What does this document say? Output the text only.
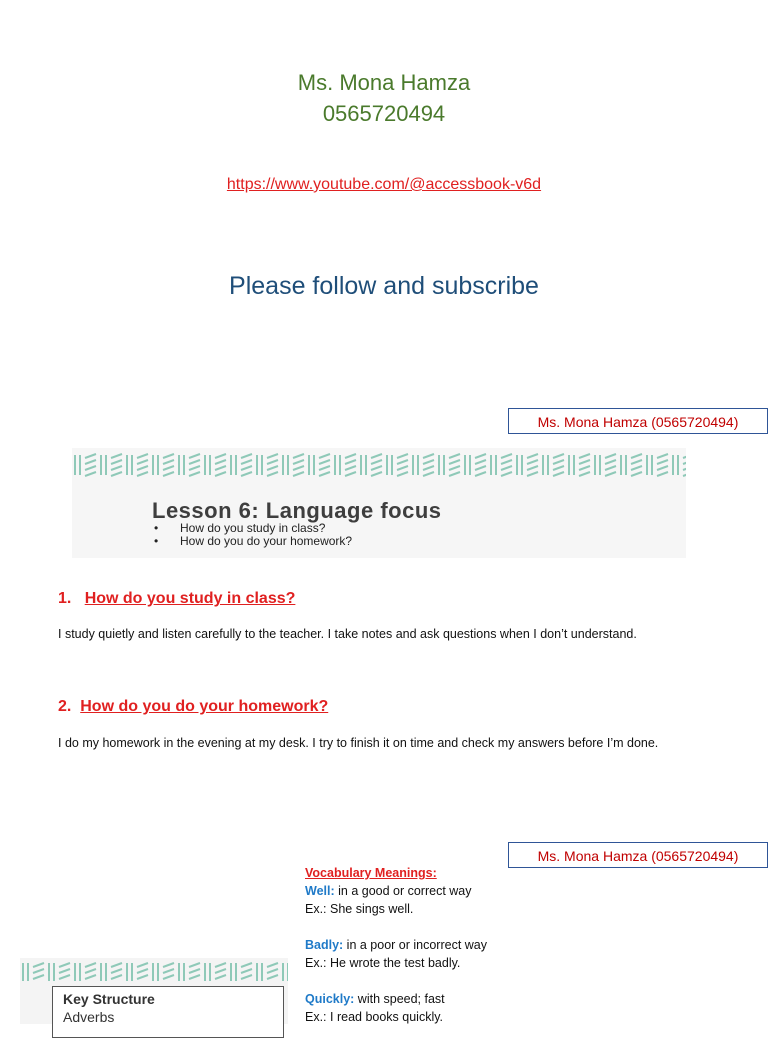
Ms. Mona Hamza
0565720494
https://www.youtube.com/@accessbook-v6d
Please follow and subscribe
Ms. Mona Hamza (0565720494)
Lesson 6: Language focus
• How do you study in class?
• How do you do your homework?
1. How do you study in class?
I study quietly and listen carefully to the teacher. I take notes and ask questions when I don’t understand.
2. How do you do your homework?
I do my homework in the evening at my desk. I try to finish it on time and check my answers before I’m done.
Ms. Mona Hamza (0565720494)
Vocabulary Meanings:
Well: in a good or correct way
Ex.: She sings well.
Badly: in a poor or incorrect way
Ex.: He wrote the test badly.
Quickly: with speed; fast
Ex.: I read books quickly.
Key Structure
Adverbs
